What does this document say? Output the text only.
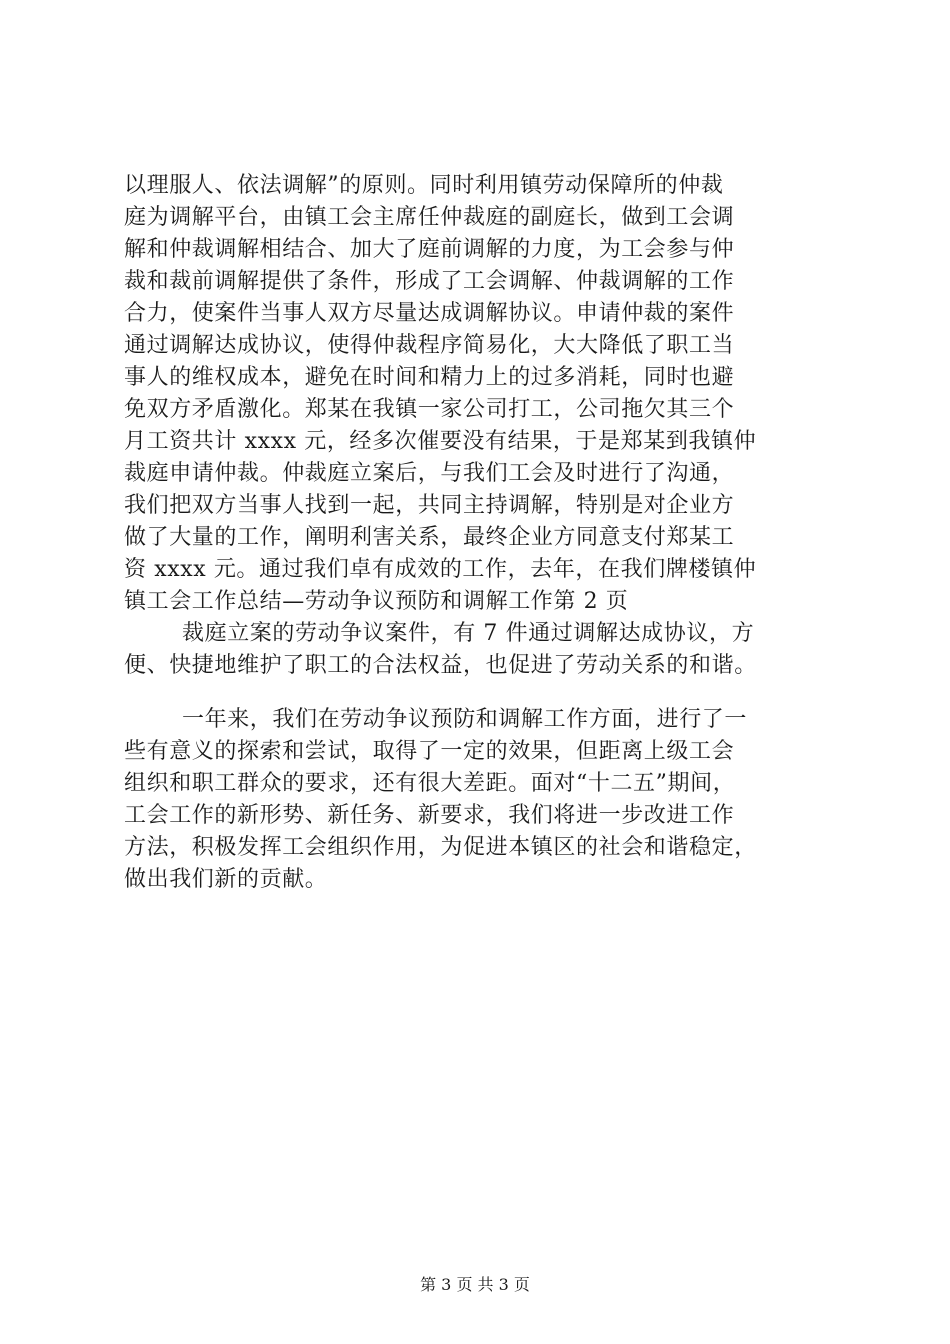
以理服人、依法调解”的原则。同时利用镇劳动保障所的仲裁
庭为调解平台，由镇工会主席任仲裁庭的副庭长，做到工会调
解和仲裁调解相结合、加大了庭前调解的力度，为工会参与仲
裁和裁前调解提供了条件，形成了工会调解、仲裁调解的工作
合力，使案件当事人双方尽量达成调解协议。申请仲裁的案件
通过调解达成协议，使得仲裁程序简易化，大大降低了职工当
事人的维权成本，避免在时间和精力上的过多消耗，同时也避
免双方矛盾激化。郑某在我镇一家公司打工，公司拖欠其三个
月工资共计 xxxx 元，经多次催要没有结果，于是郑某到我镇仲
裁庭申请仲裁。仲裁庭立案后，与我们工会及时进行了沟通，
我们把双方当事人找到一起，共同主持调解，特别是对企业方
做了大量的工作，阐明利害关系，最终企业方同意支付郑某工
资 xxxx 元。通过我们卓有成效的工作，去年，在我们牌楼镇仲
镇工会工作总结—劳动争议预防和调解工作第 2 页
裁庭立案的劳动争议案件，有 7 件通过调解达成协议，方
便、快捷地维护了职工的合法权益，也促进了劳动关系的和谐。
一年来，我们在劳动争议预防和调解工作方面，进行了一
些有意义的探索和尝试，取得了一定的效果，但距离上级工会
组织和职工群众的要求，还有很大差距。面对“十二五”期间，
工会工作的新形势、新任务、新要求，我们将进一步改进工作
方法，积极发挥工会组织作用，为促进本镇区的社会和谐稳定，
做出我们新的贡献。
第 3 页 共 3 页
